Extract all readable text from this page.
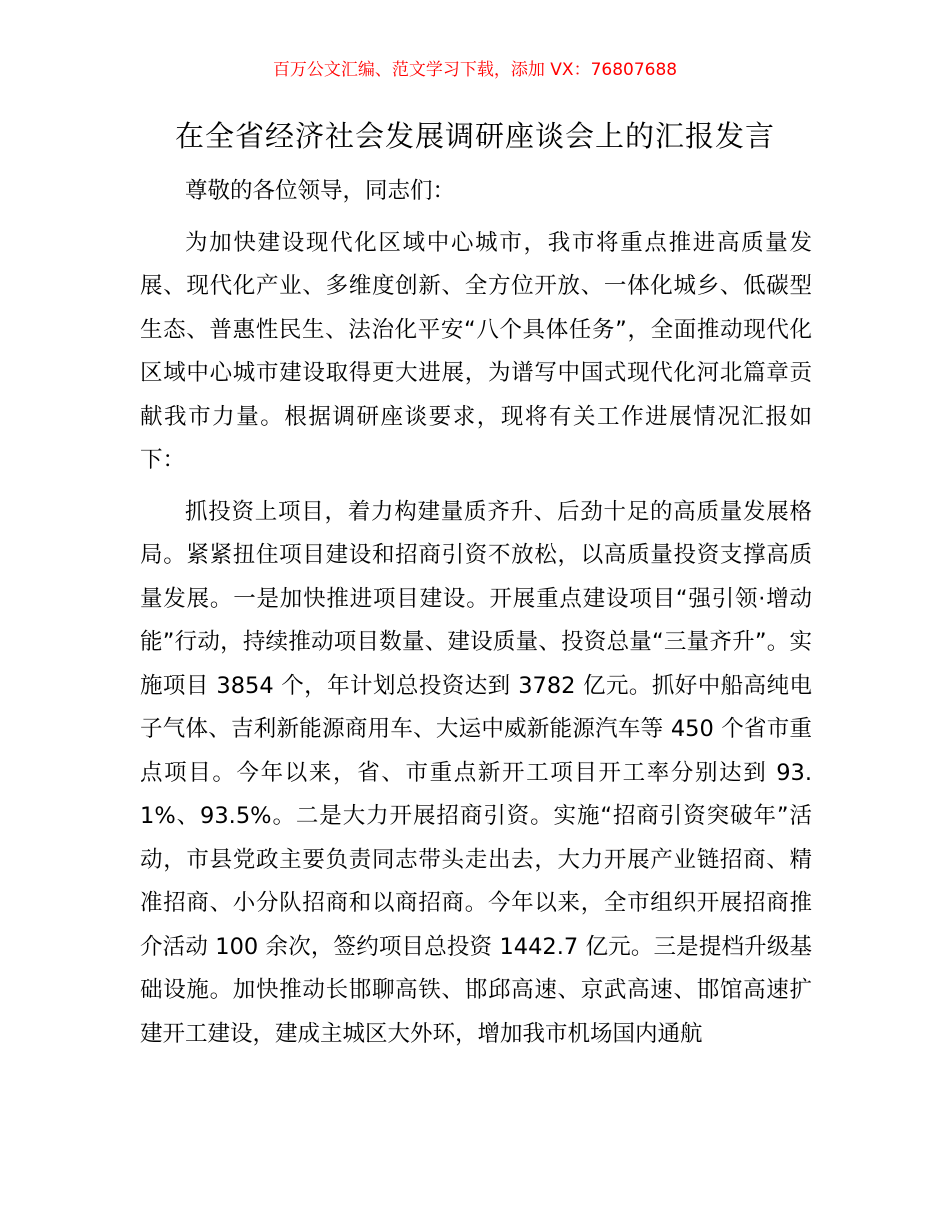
百万公文汇编、范文学习下载，添加 VX：76807688
在全省经济社会发展调研座谈会上的汇报发言

尊敬的各位领导，同志们：

为加快建设现代化区域中心城市，我市将重点推进高质量发展、现代化产业、多维度创新、全方位开放、一体化城乡、低碳型生态、普惠性民生、法治化平安“八个具体任务”，全面推动现代化区域中心城市建设取得更大进展，为谱写中国式现代化河北篇章贡献我市力量。根据调研座谈要求，现将有关工作进展情况汇报如下：

抓投资上项目，着力构建量质齐升、后劲十足的高质量发展格局。紧紧扭住项目建设和招商引资不放松，以高质量投资支撑高质量发展。一是加快推进项目建设。开展重点建设项目“强引领·增动能”行动，持续推动项目数量、建设质量、投资总量“三量齐升”。实施项目 3854 个，年计划总投资达到 3782 亿元。抓好中船高纯电子气体、吉利新能源商用车、大运中威新能源汽车等 450 个省市重点项目。今年以来，省、市重点新开工项目开工率分别达到 93.1%、93.5%。二是大力开展招商引资。实施“招商引资突破年”活动，市县党政主要负责同志带头走出去，大力开展产业链招商、精准招商、小分队招商和以商招商。今年以来，全市组织开展招商推介活动 100 余次，签约项目总投资 1442.7 亿元。三是提档升级基础设施。加快推动长邯聊高铁、邯邱高速、京武高速、邯馆高速扩建开工建设，建成主城区大外环，增加我市机场国内通航
